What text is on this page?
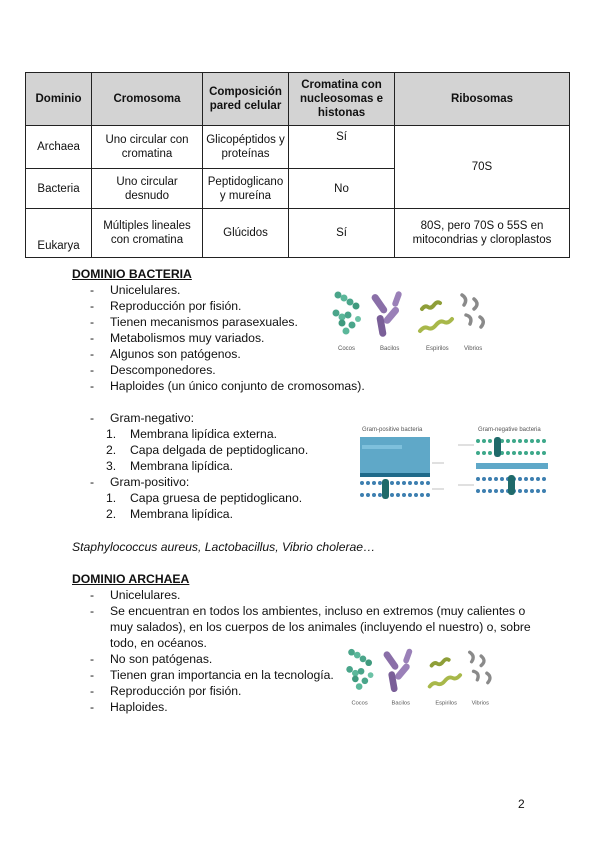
Dominio	Cromosoma	Composición pared celular	Cromatina con nucleosomas e histonas	Ribosomas
Archaea	Uno circular con cromatina	Glicopéptidos y proteínas	Sí	70S
Bacteria	Uno circular desnudo	Peptidoglicano y mureína	No	
Eukarya	Múltiples lineales con cromatina	Glúcidos	Sí	80S, pero 70S o 55S en mitocondrias y cloroplastos

DOMINIO BACTERIA

- Unicelulares.
- Reproducción por fisión.
- Tienen mecanismos parasexuales.
- Metabolismos muy variados.
- Algunos son patógenos.
- Descomponedores.
- Haploides (un único conjunto de cromosomas).
- Gram-negativo:
1. Membrana lipídica externa.
2. Capa delgada de peptidoglicano.
3. Membrana lipídica.
- Gram-positivo:
1. Capa gruesa de peptidoglicano.
2. Membrana lipídica.
Staphylococcus aureus, Lactobacillus, Vibrio cholerae…

DOMINIO ARCHAEA

- Unicelulares.
- Se encuentran en todos los ambientes, incluso en extremos (muy calientes o muy salados), en los cuerpos de los animales (incluyendo el nuestro) o, sobre todo, en océanos.
- No son patógenas.
- Tienen gran importancia en la tecnología.
- Reproducción por fisión.
- Haploides.
Cocos	Bacilos	Espirilos	Vibrios
Gram-positive bacteria	Gram-negative bacteria
Cocos	Bacilos	Espirilos Vibrios
2
